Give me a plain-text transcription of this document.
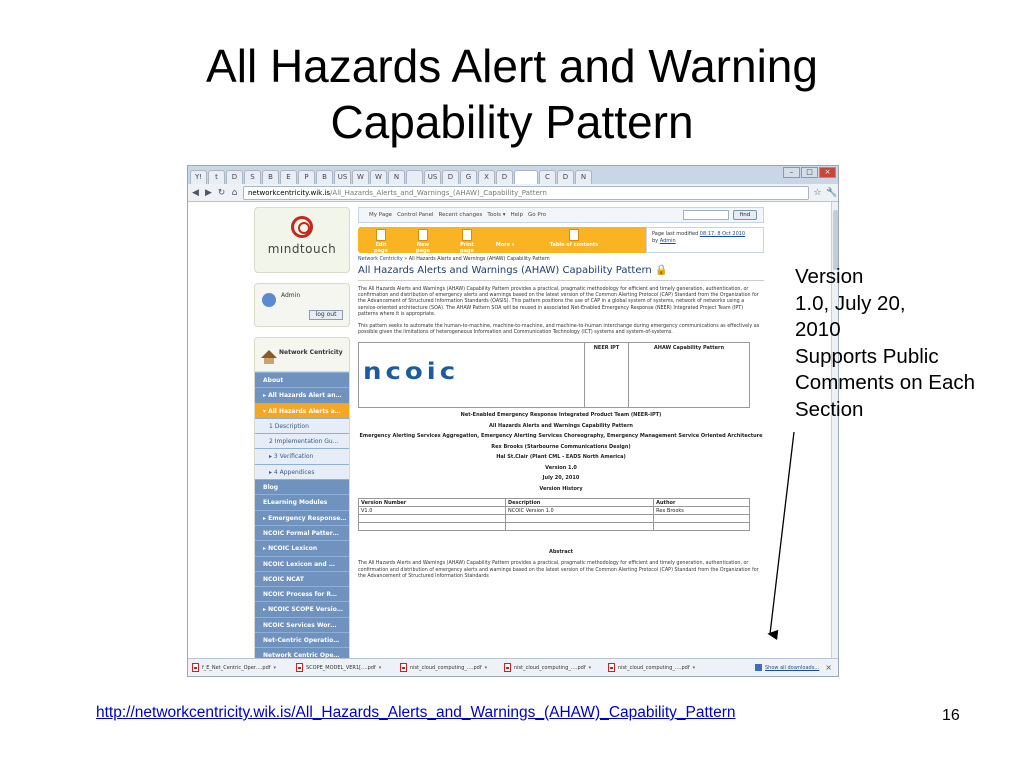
All Hazards Alert and Warning
Capability Pattern
Y!	t	D	S	B	E	P	B	US	W	W	N	US	D	G	X	D	C	D	N
–	□	×
◀ ▶ ↻ ⌂	networkcentricity.wik.is/All_Hazards_Alerts_and_Warnings_(AHAW)_Capability_Pattern	☆ 🔧
mındtouch
Admin
log out
Network Centricity
About
▸ All Hazards Alert an…
▾ All Hazards Alerts a…
1 Description
2 Implementation Gu…
▸ 3 Verification
▸ 4 Appendices
Blog
ELearning Modules
▸ Emergency Response…
NCOIC Formal Patter…
▸ NCOIC Lexicon
NCOIC Lexicon and …
NCOIC NCAT
NCOIC Process for R…
▸ NCOIC SCOPE Versio…
NCOIC Services Wor…
Net-Centric Operatio…
Network Centric Ope…
My Page Control Panel Recent changes Tools ▾ Help Go Pro	find
Edit page
New page
Print page
More ▾	Table of contents
Page last modified 08:17, 8 Oct 2010
by Admin
Network Centricity » All Hazards Alerts and Warnings (AHAW) Capability Pattern
All Hazards Alerts and Warnings (AHAW) Capability Pattern 🔒
The All Hazards Alerts and Warnings (AHAW) Capability Pattern provides a practical, pragmatic methodology for efficient and timely generation, authentication, or confirmation and distribution of emergency alerts and warnings based on the latest version of the Common Alerting Protocol (CAP) Standard from the Organization for the Advancement of Structured Information Standards (OASIS). This pattern positions the use of CAP in a global system of systems, network of networks using a service-oriented architecture (SOA). The AHAW Pattern SOA will be reused in associated Net-Enabled Emergency Response (NEER) Integrated Project Team (IPT) patterns where it is appropriate.
This pattern seeks to automate the human-to-machine, machine-to-machine, and machine-to-human interchange during emergency communications as effectively as possible given the limitations of heterogeneous Information and Communication Technology (ICT) systems and system-of-systems.
ncoic
NEER IPT	AHAW Capability Pattern
Net-Enabled Emergency Response Integrated Product Team (NEER-IPT)
All Hazards Alerts and Warnings Capability Pattern
Emergency Alerting Services Aggregation, Emergency Alerting Services Choreography, Emergency Management Service Oriented Architecture
Rex Brooks (Starbourne Communications Design)
Hal St.Clair (Plant CML - EADS North America)
Version 1.0
July 20, 2010
Version History
Version Number	Description	Author
V1.0	NCOIC Version 1.0	Rex Brooks

Abstract
The All Hazards Alerts and Warnings (AHAW) Capability Pattern provides a practical, pragmatic methodology for efficient and timely generation, authentication, or confirmation and distribution of emergency alerts and warnings based on the latest version of the Common Alerting Protocol (CAP) Standard from the Organization for the Advancement of Structured Information Standards
f_E_Net_Centric_Oper….pdf ▾	SCOPE_MODEL_VER1[….pdf ▾	nist_cloud_computing_….pdf ▾	nist_cloud_computing_….pdf ▾	nist_cloud_computing_….pdf ▾	Show all downloads… ×
Version
1.0, July 20,
2010
Supports Public
Comments on Each
Section
http://networkcentricity.wik.is/All_Hazards_Alerts_and_Warnings_(AHAW)_Capability_Pattern	16
